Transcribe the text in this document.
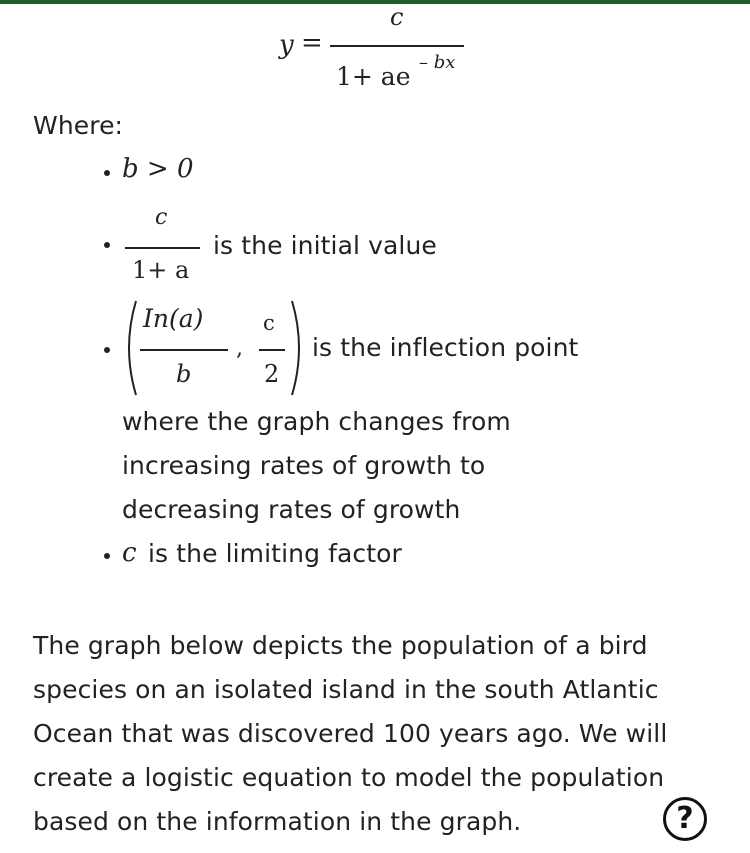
y =
c
1+ ae – bx
Where:
b > 0
c
1+ a
is the initial value
In(a)
b
,
c
2
is the inflection point
where the graph changes from
increasing rates of growth to
decreasing rates of growth
c is the limiting factor
The graph below depicts the population of a bird
species on an isolated island in the south Atlantic
Ocean that was discovered 100 years ago. We will
create a logistic equation to model the population
based on the information in the graph.	?
